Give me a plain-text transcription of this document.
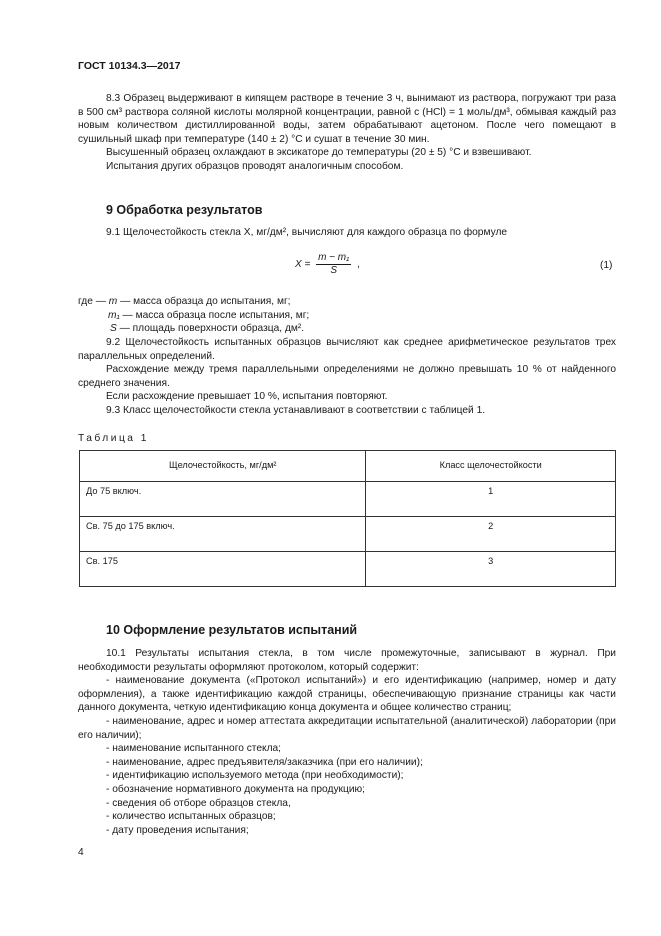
ГОСТ 10134.3—2017

8.3 Образец выдерживают в кипящем растворе в течение 3 ч, вынимают из раствора, погружают три раза в 500 см³ раствора соляной кислоты молярной концентрации, равной c (HCl) = 1 моль/дм³, обмывая каждый раз новым количеством дистиллированной воды, затем обрабатывают ацетоном. После чего помещают в сушильный шкаф при температуре (140 ± 2) °С и сушат в течение 30 мин.

Высушенный образец охлаждают в эксикаторе до температуры (20 ± 5) °С и взвешивают.

Испытания других образцов проводят аналогичным способом.

9 Обработка результатов

9.1 Щелочестойкость стекла X, мг/дм², вычисляют для каждого образца по формуле

$X = \frac{\text{m − m₁}}{S}$ ,	(1)
где — m — масса образца до испытания, мг;
m₁ — масса образца после испытания, мг;
S — площадь поверхности образца, дм².

9.2 Щелочестойкость испытанных образцов вычисляют как среднее арифметическое результатов трех параллельных определений.

Расхождение между тремя параллельными определениями не должно превышать 10 % от найденного среднего значения.

Если расхождение превышает 10 %, испытания повторяют.

9.3 Класс щелочестойкости стекла устанавливают в соответствии с таблицей 1.

Таблица 1
Щелочестойкость, мг/дм²	Класс щелочестойкости
До 75 включ.	1
Св. 75 до 175 включ.	2
Св. 175	3
10 Оформление результатов испытаний

10.1 Результаты испытания стекла, в том числе промежуточные, записывают в журнал. При необходимости результаты оформляют протоколом, который содержит:

- наименование документа («Протокол испытаний») и его идентификацию (например, номер и дату оформления), а также идентификацию каждой страницы, обеспечивающую признание страницы как части данного документа, четкую идентификацию конца документа и общее количество страниц;

- наименование, адрес и номер аттестата аккредитации испытательной (аналитической) лаборатории (при его наличии);

- наименование испытанного стекла;

- наименование, адрес предъявителя/заказчика (при его наличии);

- идентификацию используемого метода (при необходимости);

- обозначение нормативного документа на продукцию;

- сведения об отборе образцов стекла,

- количество испытанных образцов;

- дату проведения испытания;

4
